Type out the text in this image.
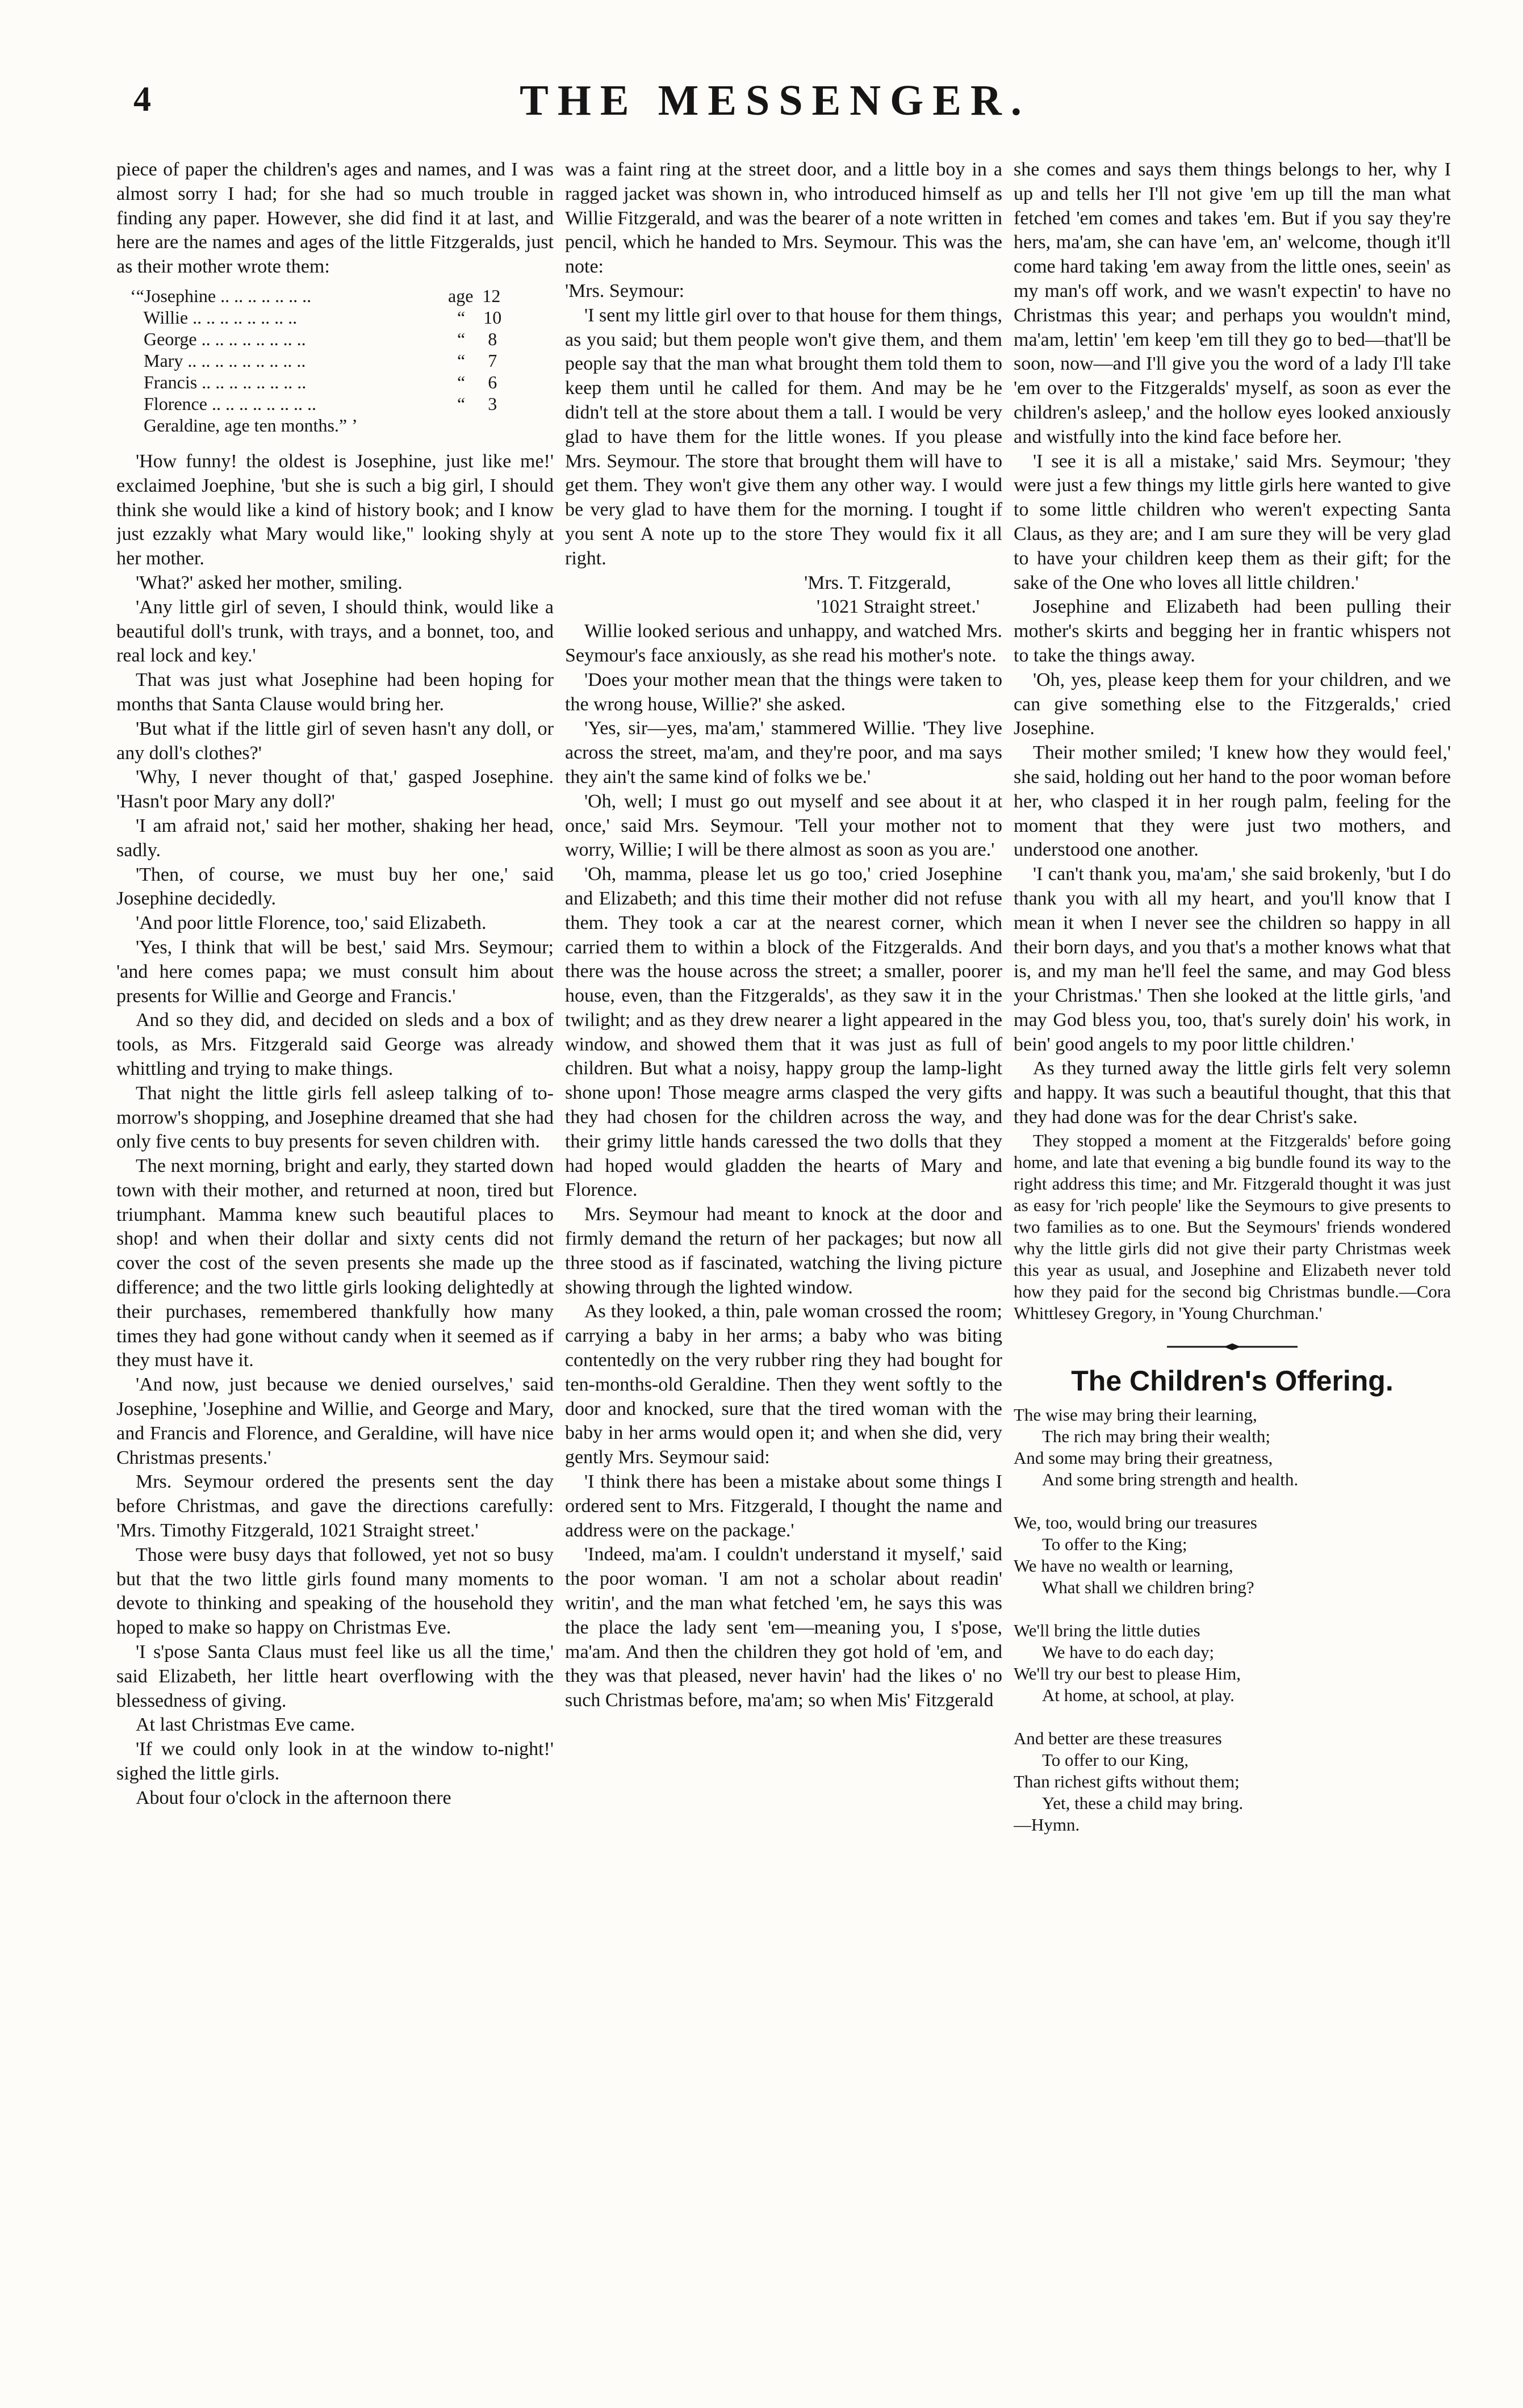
4	THE MESSENGER.

piece of paper the children's ages and names, and I was almost sorry I had; for she had so much trouble in finding any paper. However, she did find it at last, and here are the names and ages of the little Fitzgeralds, just as their mother wrote them:

‘“Josephine .. .. .. .. .. .. ..	age  12
Willie .. .. .. .. .. .. .. ..	“    10
George .. .. .. .. .. .. .. ..	“     8
Mary .. .. .. .. .. .. .. .. ..	“     7
Francis .. .. .. .. .. .. .. ..	“     6
Florence .. .. .. .. .. .. .. ..	“     3
Geraldine, age ten months.” ’

'How funny! the oldest is Josephine, just like me!' exclaimed Joephine, 'but she is such a big girl, I should think she would like a kind of history book; and I know just ezzakly what Mary would like," looking shyly at her mother.

'What?' asked her mother, smiling.

'Any little girl of seven, I should think, would like a beautiful doll's trunk, with trays, and a bonnet, too, and real lock and key.'

That was just what Josephine had been hoping for months that Santa Clause would bring her.

'But what if the little girl of seven hasn't any doll, or any doll's clothes?'

'Why, I never thought of that,' gasped Josephine. 'Hasn't poor Mary any doll?'

'I am afraid not,' said her mother, shaking her head, sadly.

'Then, of course, we must buy her one,' said Josephine decidedly.

'And poor little Florence, too,' said Elizabeth.

'Yes, I think that will be best,' said Mrs. Seymour; 'and here comes papa; we must consult him about presents for Willie and George and Francis.'

And so they did, and decided on sleds and a box of tools, as Mrs. Fitzgerald said George was already whittling and trying to make things.

That night the little girls fell asleep talking of to-morrow's shopping, and Josephine dreamed that she had only five cents to buy presents for seven children with.

The next morning, bright and early, they started down town with their mother, and returned at noon, tired but triumphant. Mamma knew such beautiful places to shop! and when their dollar and sixty cents did not cover the cost of the seven presents she made up the difference; and the two little girls looking delightedly at their purchases, remembered thankfully how many times they had gone without candy when it seemed as if they must have it.

'And now, just because we denied ourselves,' said Josephine, 'Josephine and Willie, and George and Mary, and Francis and Florence, and Geraldine, will have nice Christmas presents.'

Mrs. Seymour ordered the presents sent the day before Christmas, and gave the directions carefully: 'Mrs. Timothy Fitzgerald, 1021 Straight street.'

Those were busy days that followed, yet not so busy but that the two little girls found many moments to devote to thinking and speaking of the household they hoped to make so happy on Christmas Eve.

'I s'pose Santa Claus must feel like us all the time,' said Elizabeth, her little heart overflowing with the blessedness of giving.

At last Christmas Eve came.

'If we could only look in at the window to-night!' sighed the little girls.

About four o'clock in the afternoon there

was a faint ring at the street door, and a little boy in a ragged jacket was shown in, who introduced himself as Willie Fitzgerald, and was the bearer of a note written in pencil, which he handed to Mrs. Seymour. This was the note:

'Mrs. Seymour:

'I sent my little girl over to that house for them things, as you said; but them people won't give them, and them people say that the man what brought them told them to keep them until he called for them. And may be he didn't tell at the store about them a tall. I would be very glad to have them for the little wones. If you please Mrs. Seymour. The store that brought them will have to get them. They won't give them any other way. I would be very glad to have them for the morning. I tought if you sent A note up to the store They would fix it all right.

'Mrs. T. Fitzgerald,

'1021 Straight street.'

Willie looked serious and unhappy, and watched Mrs. Seymour's face anxiously, as she read his mother's note.

'Does your mother mean that the things were taken to the wrong house, Willie?' she asked.

'Yes, sir—yes, ma'am,' stammered Willie. 'They live across the street, ma'am, and they're poor, and ma says they ain't the same kind of folks we be.'

'Oh, well; I must go out myself and see about it at once,' said Mrs. Seymour. 'Tell your mother not to worry, Willie; I will be there almost as soon as you are.'

'Oh, mamma, please let us go too,' cried Josephine and Elizabeth; and this time their mother did not refuse them. They took a car at the nearest corner, which carried them to within a block of the Fitzgeralds. And there was the house across the street; a smaller, poorer house, even, than the Fitzgeralds', as they saw it in the twilight; and as they drew nearer a light appeared in the window, and showed them that it was just as full of children. But what a noisy, happy group the lamp-light shone upon! Those meagre arms clasped the very gifts they had chosen for the children across the way, and their grimy little hands caressed the two dolls that they had hoped would gladden the hearts of Mary and Florence.

Mrs. Seymour had meant to knock at the door and firmly demand the return of her packages; but now all three stood as if fascinated, watching the living picture showing through the lighted window.

As they looked, a thin, pale woman crossed the room; carrying a baby in her arms; a baby who was biting contentedly on the very rubber ring they had bought for ten-months-old Geraldine. Then they went softly to the door and knocked, sure that the tired woman with the baby in her arms would open it; and when she did, very gently Mrs. Seymour said:

'I think there has been a mistake about some things I ordered sent to Mrs. Fitzgerald, I thought the name and address were on the package.'

'Indeed, ma'am. I couldn't understand it myself,' said the poor woman. 'I am not a scholar about readin' writin', and the man what fetched 'em, he says this was the place the lady sent 'em—meaning you, I s'pose, ma'am. And then the children they got hold of 'em, and they was that pleased, never havin' had the likes o' no such Christmas before, ma'am; so when Mis' Fitzgerald

she comes and says them things belongs to her, why I up and tells her I'll not give 'em up till the man what fetched 'em comes and takes 'em. But if you say they're hers, ma'am, she can have 'em, an' welcome, though it'll come hard taking 'em away from the little ones, seein' as my man's off work, and we wasn't expectin' to have no Christmas this year; and perhaps you wouldn't mind, ma'am, lettin' 'em keep 'em till they go to bed—that'll be soon, now—and I'll give you the word of a lady I'll take 'em over to the Fitzgeralds' myself, as soon as ever the children's asleep,' and the hollow eyes looked anxiously and wistfully into the kind face before her.

'I see it is all a mistake,' said Mrs. Seymour; 'they were just a few things my little girls here wanted to give to some little children who weren't expecting Santa Claus, as they are; and I am sure they will be very glad to have your children keep them as their gift; for the sake of the One who loves all little children.'

Josephine and Elizabeth had been pulling their mother's skirts and begging her in frantic whispers not to take the things away.

'Oh, yes, please keep them for your children, and we can give something else to the Fitzgeralds,' cried Josephine.

Their mother smiled; 'I knew how they would feel,' she said, holding out her hand to the poor woman before her, who clasped it in her rough palm, feeling for the moment that they were just two mothers, and understood one another.

'I can't thank you, ma'am,' she said brokenly, 'but I do thank you with all my heart, and you'll know that I mean it when I never see the children so happy in all their born days, and you that's a mother knows what that is, and my man he'll feel the same, and may God bless your Christmas.' Then she looked at the little girls, 'and may God bless you, too, that's surely doin' his work, in bein' good angels to my poor little children.'

As they turned away the little girls felt very solemn and happy. It was such a beautiful thought, that this that they had done was for the dear Christ's sake.

They stopped a moment at the Fitzgeralds' before going home, and late that evening a big bundle found its way to the right address this time; and Mr. Fitzgerald thought it was just as easy for 'rich people' like the Seymours to give presents to two families as to one. But the Seymours' friends wondered why the little girls did not give their party Christmas week this year as usual, and Josephine and Elizabeth never told how they paid for the second big Christmas bundle.—Cora Whittlesey Gregory, in 'Young Churchman.'

The Children's Offering.
The wise may bring their learning,
The rich may bring their wealth;
And some may bring their greatness,
And some bring strength and health.
We, too, would bring our treasures
To offer to the King;
We have no wealth or learning,
What shall we children bring?
We'll bring the little duties
We have to do each day;
We'll try our best to please Him,
At home, at school, at play.
And better are these treasures
To offer to our King,
Than richest gifts without them;
Yet, these a child may bring.
—Hymn.
